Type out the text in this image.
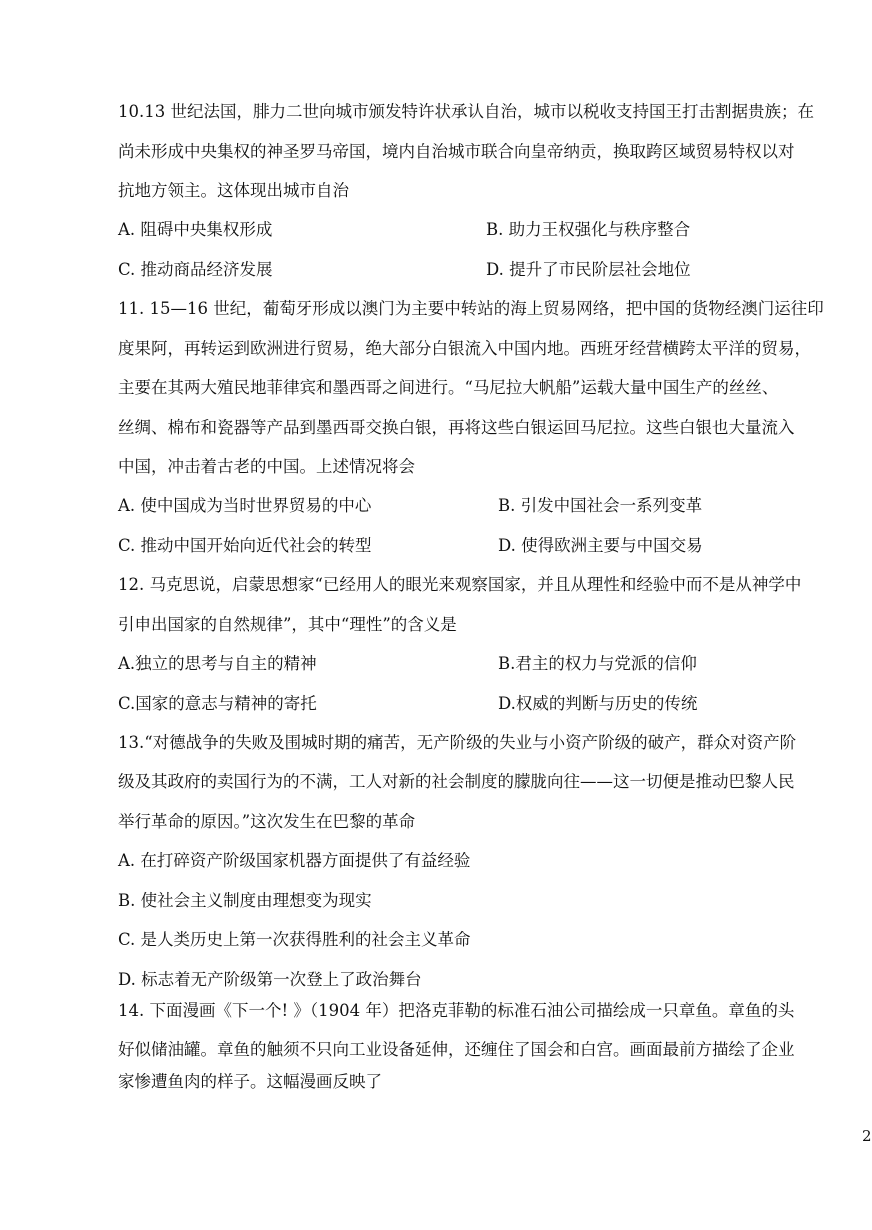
10.13 世纪法国，腓力二世向城市颁发特许状承认自治，城市以税收支持国王打击割据贵族；在
尚未形成中央集权的神圣罗马帝国，境内自治城市联合向皇帝纳贡，换取跨区域贸易特权以对
抗地方领主。这体现出城市自治
A. 阻碍中央集权形成	B. 助力王权强化与秩序整合
C. 推动商品经济发展	D. 提升了市民阶层社会地位
11. 15—16 世纪，葡萄牙形成以澳门为主要中转站的海上贸易网络，把中国的货物经澳门运往印
度果阿，再转运到欧洲进行贸易，绝大部分白银流入中国内地。西班牙经营横跨太平洋的贸易，
主要在其两大殖民地菲律宾和墨西哥之间进行。“马尼拉大帆船”运载大量中国生产的丝丝、
丝绸、棉布和瓷器等产品到墨西哥交换白银，再将这些白银运回马尼拉。这些白银也大量流入
中国，冲击着古老的中国。上述情况将会
A. 使中国成为当时世界贸易的中心	B. 引发中国社会一系列变革
C. 推动中国开始向近代社会的转型	D. 使得欧洲主要与中国交易
12. 马克思说，启蒙思想家“已经用人的眼光来观察国家，并且从理性和经验中而不是从神学中
引申出国家的自然规律”，其中“理性”的含义是
A.独立的思考与自主的精神	B.君主的权力与党派的信仰
C.国家的意志与精神的寄托	D.权威的判断与历史的传统
13.“对德战争的失败及围城时期的痛苦，无产阶级的失业与小资产阶级的破产，群众对资产阶
级及其政府的卖国行为的不满，工人对新的社会制度的朦胧向往——这一切便是推动巴黎人民
举行革命的原因。”这次发生在巴黎的革命
A. 在打碎资产阶级国家机器方面提供了有益经验
B. 使社会主义制度由理想变为现实
C. 是人类历史上第一次获得胜利的社会主义革命
D. 标志着无产阶级第一次登上了政治舞台
14. 下面漫画《下一个! 》（1904 年）把洛克菲勒的标准石油公司描绘成一只章鱼。章鱼的头
好似储油罐。章鱼的触须不只向工业设备延伸，还缠住了国会和白宫。画面最前方描绘了企业
家惨遭鱼肉的样子。这幅漫画反映了
2
